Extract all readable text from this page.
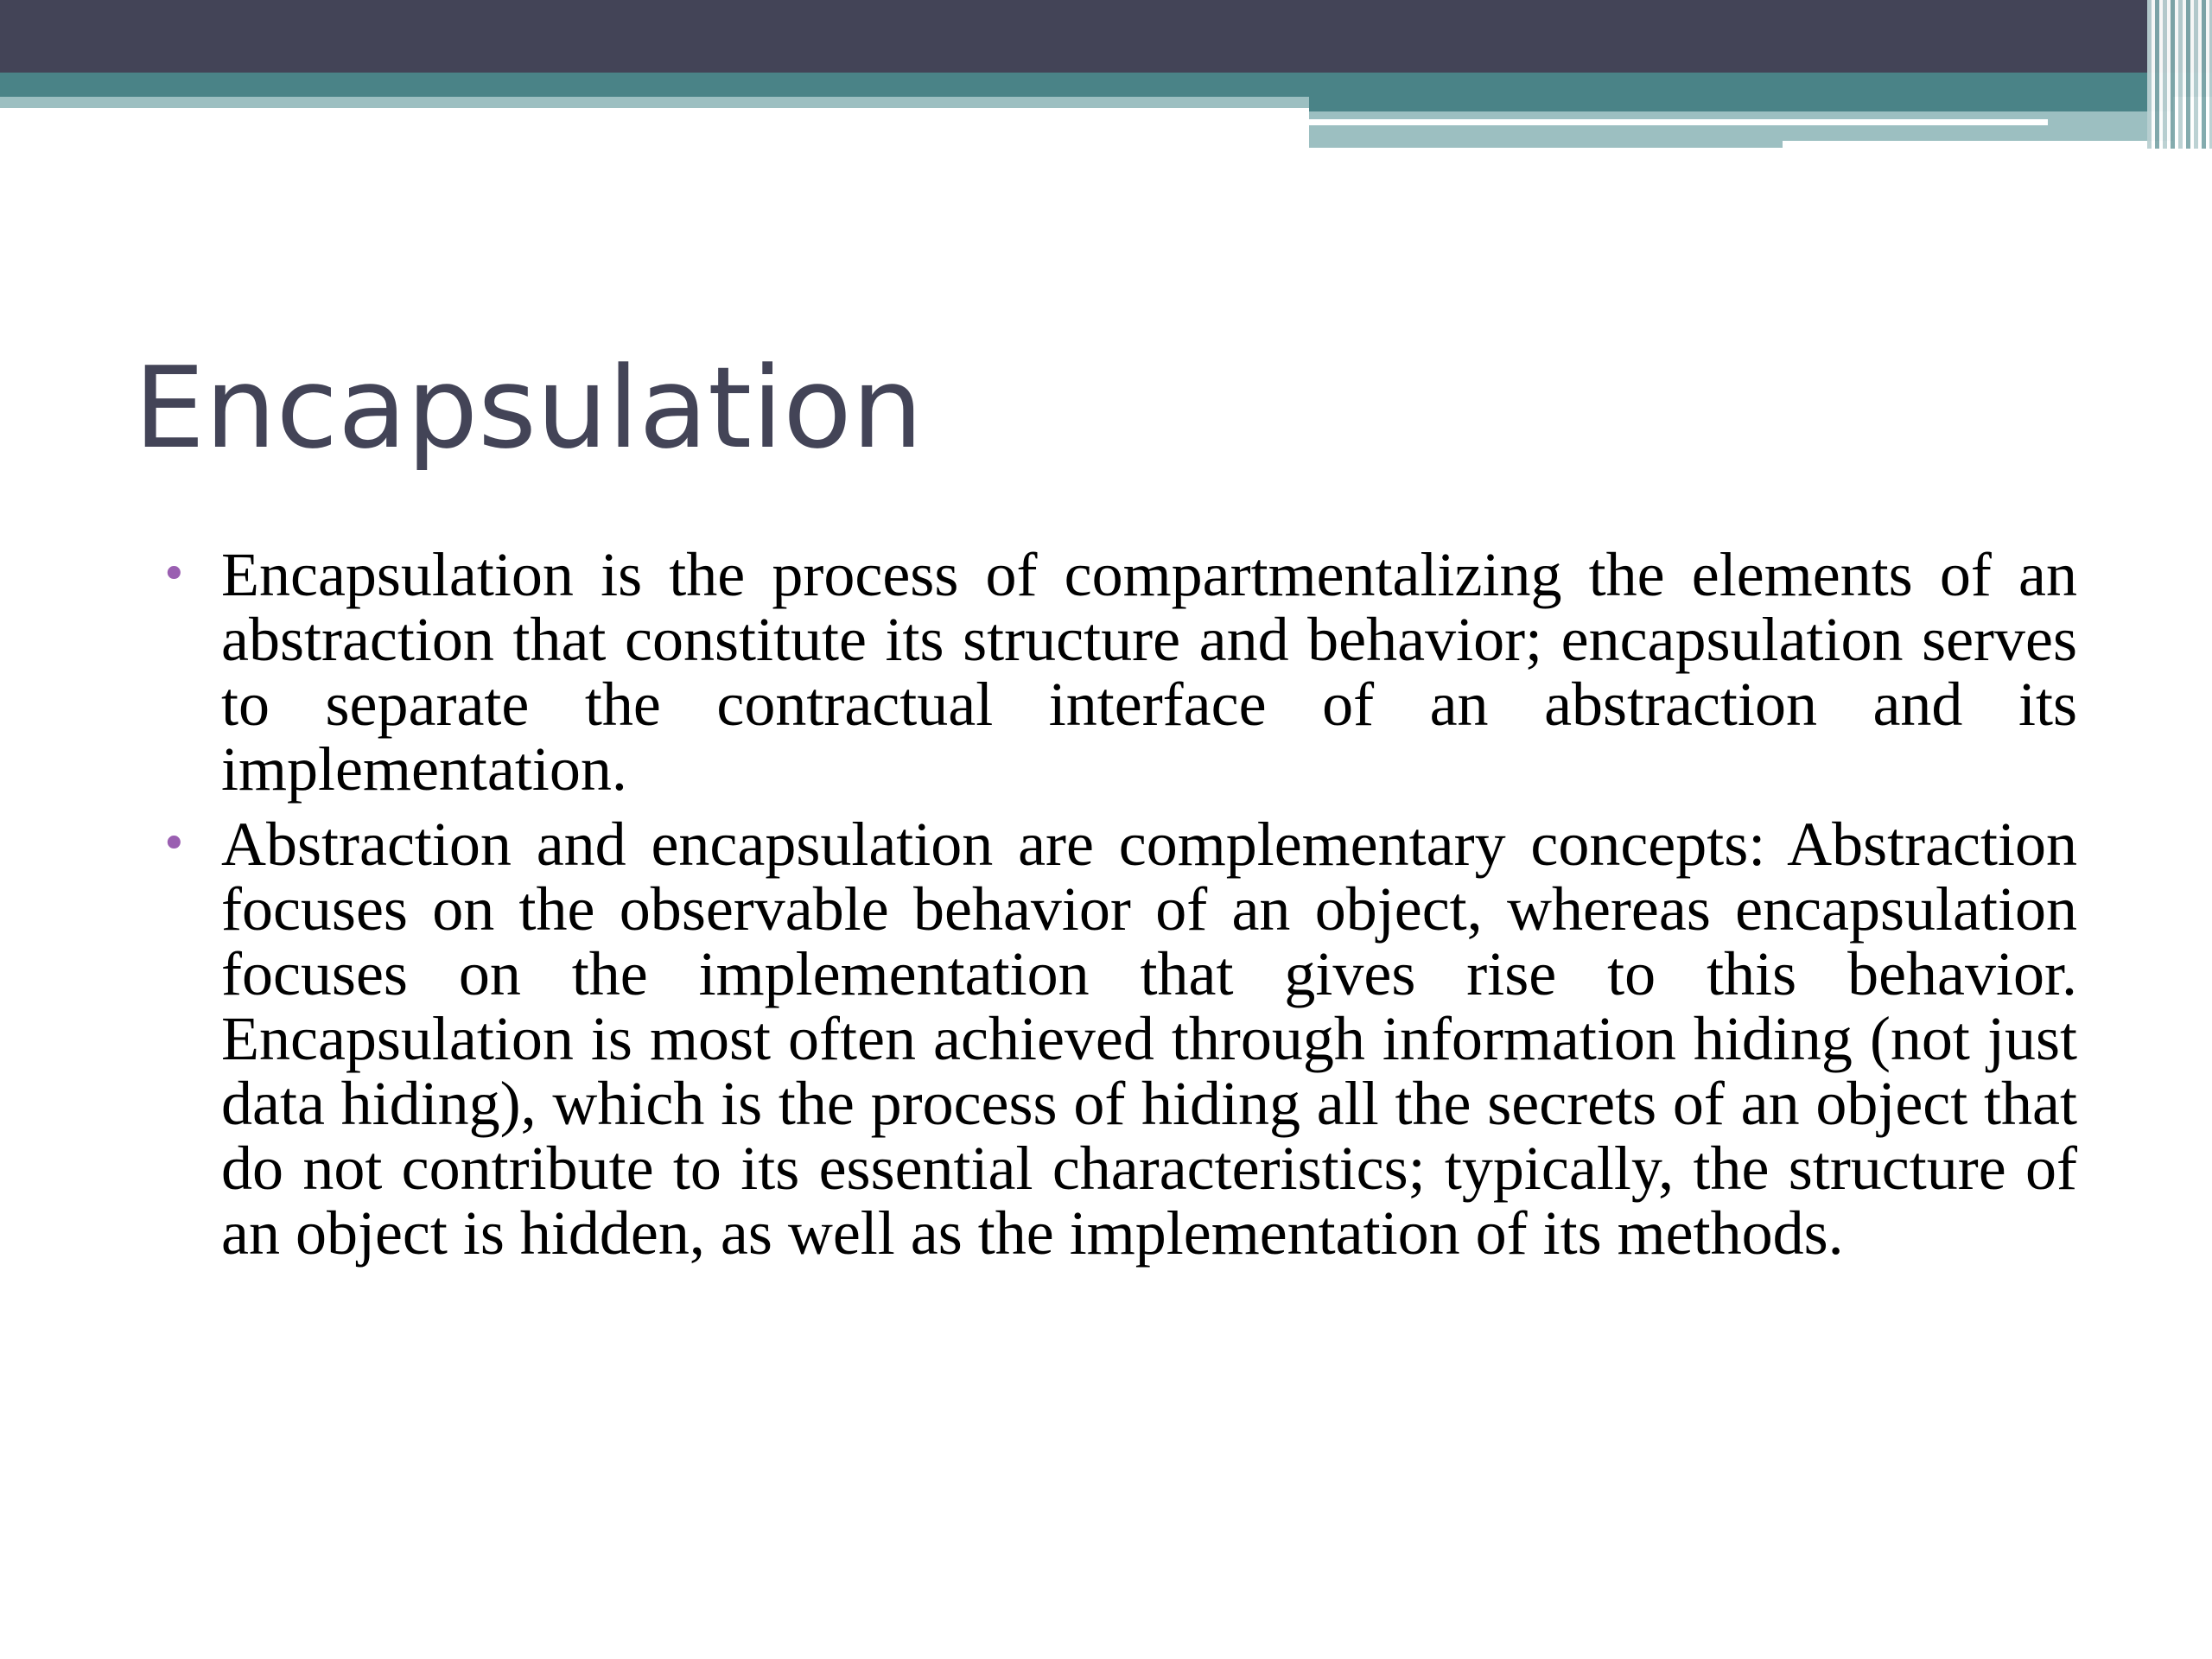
Encapsulation
• Encapsulation is the process of compartmentalizing the elements of an abstraction that constitute its structure and behavior; encapsulation serves to separate the contractual interface of an abstraction and its implementation.
• Abstraction and encapsulation are complementary concepts: Abstraction focuses on the observable behavior of an object, whereas encapsulation focuses on the implementation that gives rise to this behavior. Encapsulation is most often achieved through information hiding (not just data hiding), which is the process of hiding all the secrets of an object that do not contribute to its essential characteristics; typically, the structure of an object is hidden, as well as the implementation of its methods.
